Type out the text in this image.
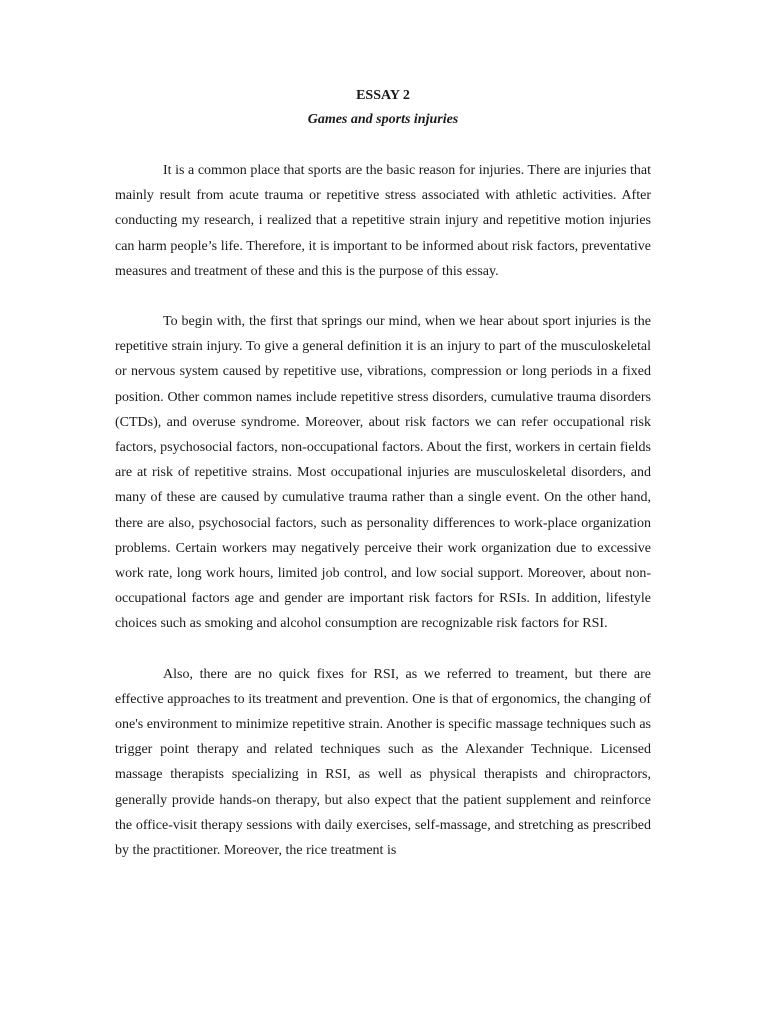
ESSAY 2

Games and sports injuries

It is a common place that sports are the basic reason for injuries. There are injuries that mainly result from acute trauma or repetitive stress associated with athletic activities. After conducting my research, i realized that a repetitive strain injury and repetitive motion injuries can harm people’s life. Therefore, it is important to be informed about risk factors, preventative measures and treatment of these and this is the purpose of this essay.

To begin with, the first that springs our mind, when we hear about sport injuries is the repetitive strain injury. To give a general definition it is an injury to part of the musculoskeletal or nervous system caused by repetitive use, vibrations, compression or long periods in a fixed position. Other common names include repetitive stress disorders, cumulative trauma disorders (CTDs), and overuse syndrome. Moreover, about risk factors we can refer occupational risk factors, psychosocial factors, non-occupational factors. About the first, workers in certain fields are at risk of repetitive strains. Most occupational injuries are musculoskeletal disorders, and many of these are caused by cumulative trauma rather than a single event. On the other hand, there are also, psychosocial factors, such as personality differences to work-place organization problems. Certain workers may negatively perceive their work organization due to excessive work rate, long work hours, limited job control, and low social support. Moreover, about non-occupational factors age and gender are important risk factors for RSIs. In addition, lifestyle choices such as smoking and alcohol consumption are recognizable risk factors for RSI.

Also, there are no quick fixes for RSI, as we referred to treament, but there are effective approaches to its treatment and prevention. One is that of ergonomics, the changing of one's environment to minimize repetitive strain. Another is specific massage techniques such as trigger point therapy and related techniques such as the Alexander Technique. Licensed massage therapists specializing in RSI, as well as physical therapists and chiropractors, generally provide hands-on therapy, but also expect that the patient supplement and reinforce the office-visit therapy sessions with daily exercises, self-massage, and stretching as prescribed by the practitioner. Moreover, the rice treatment is
